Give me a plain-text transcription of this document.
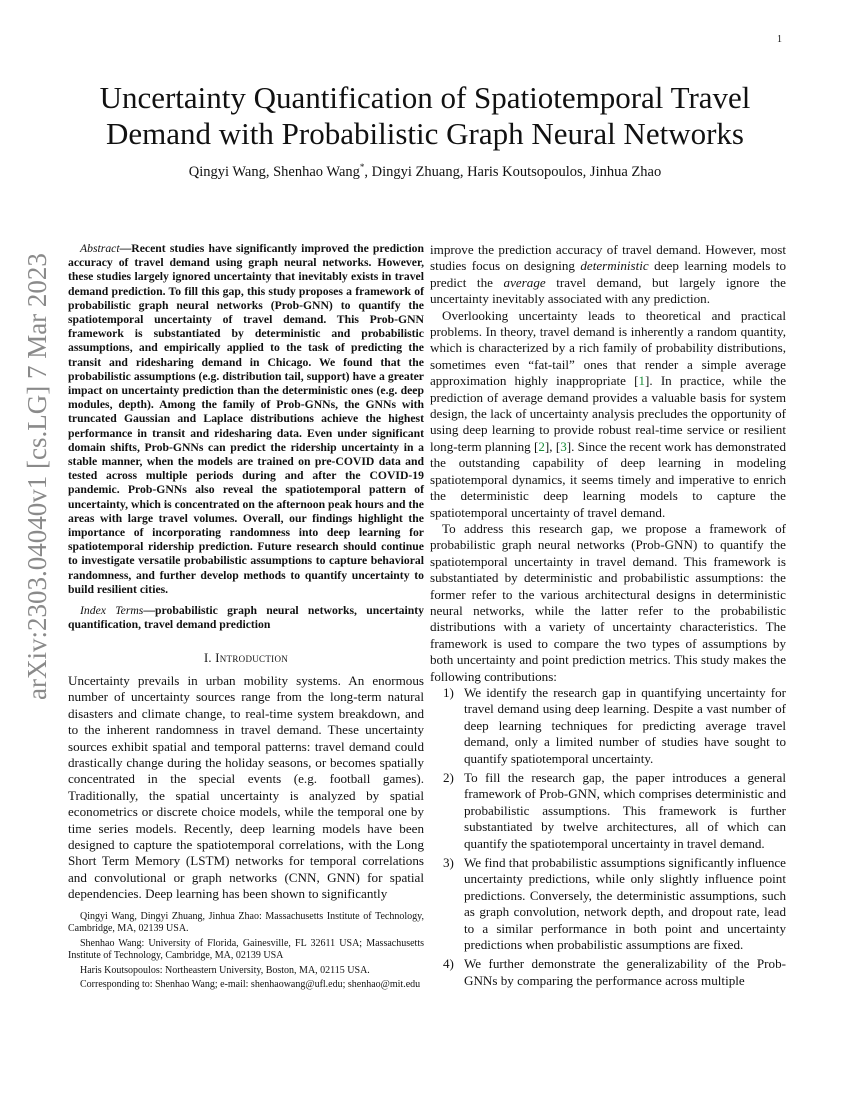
1
arXiv:2303.04040v1 [cs.LG] 7 Mar 2023
Uncertainty Quantification of Spatiotemporal Travel
Demand with Probabilistic Graph Neural Networks
Qingyi Wang, Shenhao Wang*, Dingyi Zhuang, Haris Koutsopoulos, Jinhua Zhao

Abstract—Recent studies have significantly improved the prediction accuracy of travel demand using graph neural networks. However, these studies largely ignored uncertainty that inevitably exists in travel demand prediction. To fill this gap, this study proposes a framework of probabilistic graph neural networks (Prob-GNN) to quantify the spatiotemporal uncertainty of travel demand. This Prob-GNN framework is substantiated by deterministic and probabilistic assumptions, and empirically applied to the task of predicting the transit and ridesharing demand in Chicago. We found that the probabilistic assumptions (e.g. distribution tail, support) have a greater impact on uncertainty prediction than the deterministic ones (e.g. deep modules, depth). Among the family of Prob-GNNs, the GNNs with truncated Gaussian and Laplace distributions achieve the highest performance in transit and ridesharing data. Even under significant domain shifts, Prob-GNNs can predict the ridership uncertainty in a stable manner, when the models are trained on pre-COVID data and tested across multiple periods during and after the COVID-19 pandemic. Prob-GNNs also reveal the spatiotemporal pattern of uncertainty, which is concentrated on the afternoon peak hours and the areas with large travel volumes. Overall, our findings highlight the importance of incorporating randomness into deep learning for spatiotemporal ridership prediction. Future research should continue to investigate versatile probabilistic assumptions to capture behavioral randomness, and further develop methods to quantify uncertainty to build resilient cities.

Index Terms—probabilistic graph neural networks, uncertainty quantification, travel demand prediction

I. Introduction

Uncertainty prevails in urban mobility systems. An enormous number of uncertainty sources range from the long-term natural disasters and climate change, to real-time system breakdown, and to the inherent randomness in travel demand. These uncertainty sources exhibit spatial and temporal patterns: travel demand could drastically change during the holiday seasons, or becomes spatially concentrated in the special events (e.g. football games). Traditionally, the spatial uncertainty is analyzed by spatial econometrics or discrete choice models, while the temporal one by time series models. Recently, deep learning models have been designed to capture the spatiotemporal correlations, with the Long Short Term Memory (LSTM) networks for temporal correlations and convolutional or graph networks (CNN, GNN) for spatial dependencies. Deep learning has been shown to significantly

Qingyi Wang, Dingyi Zhuang, Jinhua Zhao: Massachusetts Institute of Technology, Cambridge, MA, 02139 USA.

Shenhao Wang: University of Florida, Gainesville, FL 32611 USA; Massachusetts Institute of Technology, Cambridge, MA, 02139 USA

Haris Koutsopoulos: Northeastern University, Boston, MA, 02115 USA.

Corresponding to: Shenhao Wang; e-mail: shenhaowang@ufl.edu; shenhao@mit.edu

improve the prediction accuracy of travel demand. However, most studies focus on designing deterministic deep learning models to predict the average travel demand, but largely ignore the uncertainty inevitably associated with any prediction.

Overlooking uncertainty leads to theoretical and practical problems. In theory, travel demand is inherently a random quantity, which is characterized by a rich family of probability distributions, sometimes even “fat-tail” ones that render a simple average approximation highly inappropriate [1]. In practice, while the prediction of average demand provides a valuable basis for system design, the lack of uncertainty analysis precludes the opportunity of using deep learning to provide robust real-time service or resilient long-term planning [2], [3]. Since the recent work has demonstrated the outstanding capability of deep learning in modeling spatiotemporal dynamics, it seems timely and imperative to enrich the deterministic deep learning models to capture the spatiotemporal uncertainty of travel demand.

To address this research gap, we propose a framework of probabilistic graph neural networks (Prob-GNN) to quantify the spatiotemporal uncertainty in travel demand. This framework is substantiated by deterministic and probabilistic assumptions: the former refer to the various architectural designs in deterministic neural networks, while the latter refer to the probabilistic distributions with a variety of uncertainty characteristics. The framework is used to compare the two types of assumptions by both uncertainty and point prediction metrics. This study makes the following contributions:

1) We identify the research gap in quantifying uncertainty for travel demand using deep learning. Despite a vast number of deep learning techniques for predicting average travel demand, only a limited number of studies have sought to quantify spatiotemporal uncertainty.
2) To fill the research gap, the paper introduces a general framework of Prob-GNN, which comprises deterministic and probabilistic assumptions. This framework is further substantiated by twelve architectures, all of which can quantify the spatiotemporal uncertainty in travel demand.
3) We find that probabilistic assumptions significantly influence uncertainty predictions, while only slightly influence point predictions. Conversely, the deterministic assumptions, such as graph convolution, network depth, and dropout rate, lead to a similar performance in both point and uncertainty predictions when probabilistic assumptions are fixed.
4) We further demonstrate the generalizability of the Prob-GNNs by comparing the performance across multiple
